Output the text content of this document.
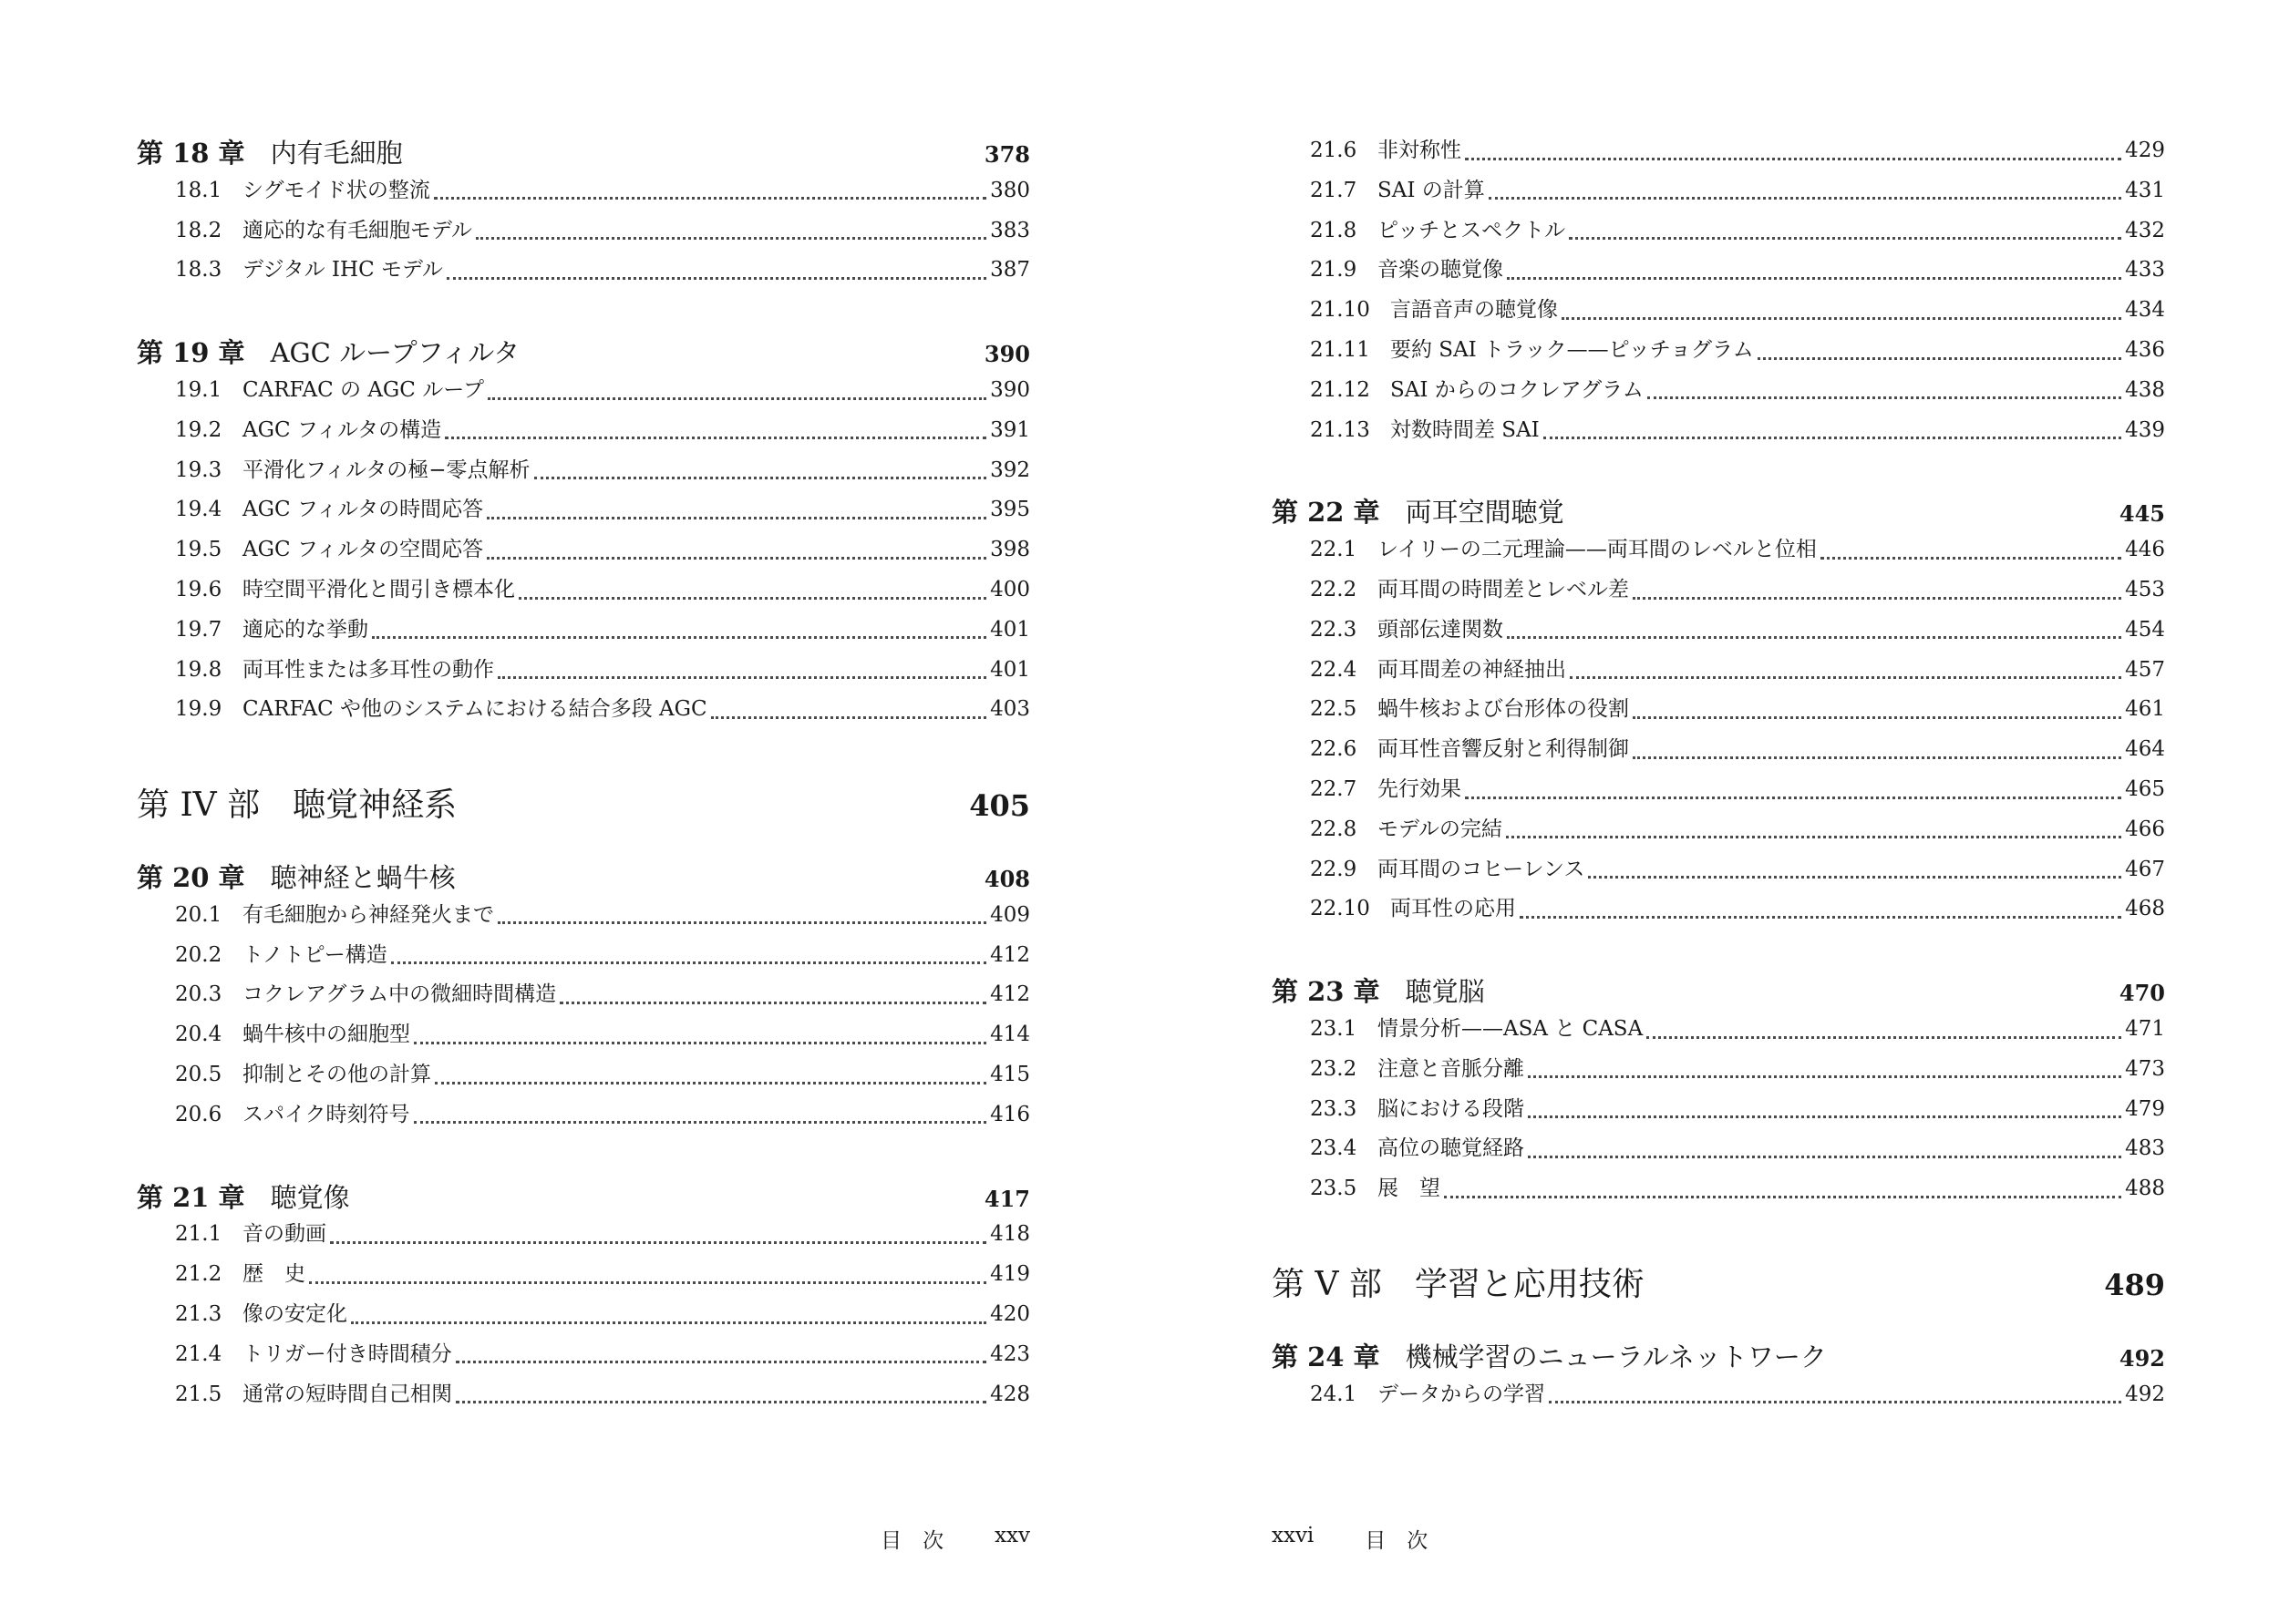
第 18 章 内有毛細胞	378
18.1 シグモイド状の整流	380
18.2 適応的な有毛細胞モデル	383
18.3 デジタル IHC モデル	387
第 19 章 AGC ループフィルタ	390
19.1 CARFAC の AGC ループ	390
19.2 AGC フィルタの構造	391
19.3 平滑化フィルタの極−零点解析	392
19.4 AGC フィルタの時間応答	395
19.5 AGC フィルタの空間応答	398
19.6 時空間平滑化と間引き標本化	400
19.7 適応的な挙動	401
19.8 両耳性または多耳性の動作	401
19.9 CARFAC や他のシステムにおける結合多段 AGC	403
第 IV 部 聴覚神経系	405
第 20 章 聴神経と蝸牛核	408
20.1 有毛細胞から神経発火まで	409
20.2 トノトピー構造	412
20.3 コクレアグラム中の微細時間構造	412
20.4 蝸牛核中の細胞型	414
20.5 抑制とその他の計算	415
20.6 スパイク時刻符号	416
第 21 章 聴覚像	417
21.1 音の動画	418
21.2 歴　史	419
21.3 像の安定化	420
21.4 トリガー付き時間積分	423
21.5 通常の短時間自己相関	428
目　次 xxv
21.6 非対称性	429
21.7 SAI の計算	431
21.8 ピッチとスペクトル	432
21.9 音楽の聴覚像	433
21.10 言語音声の聴覚像	434
21.11 要約 SAI トラック——ピッチョグラム	436
21.12 SAI からのコクレアグラム	438
21.13 対数時間差 SAI	439
第 22 章 両耳空間聴覚	445
22.1 レイリーの二元理論——両耳間のレベルと位相	446
22.2 両耳間の時間差とレベル差	453
22.3 頭部伝達関数	454
22.4 両耳間差の神経抽出	457
22.5 蝸牛核および台形体の役割	461
22.6 両耳性音響反射と利得制御	464
22.7 先行効果	465
22.8 モデルの完結	466
22.9 両耳間のコヒーレンス	467
22.10 両耳性の応用	468
第 23 章 聴覚脳	470
23.1 情景分析——ASA と CASA	471
23.2 注意と音脈分離	473
23.3 脳における段階	479
23.4 高位の聴覚経路	483
23.5 展　望	488
第 V 部 学習と応用技術	489
第 24 章 機械学習のニューラルネットワーク	492
24.1 データからの学習	492
xxvi 目　次
